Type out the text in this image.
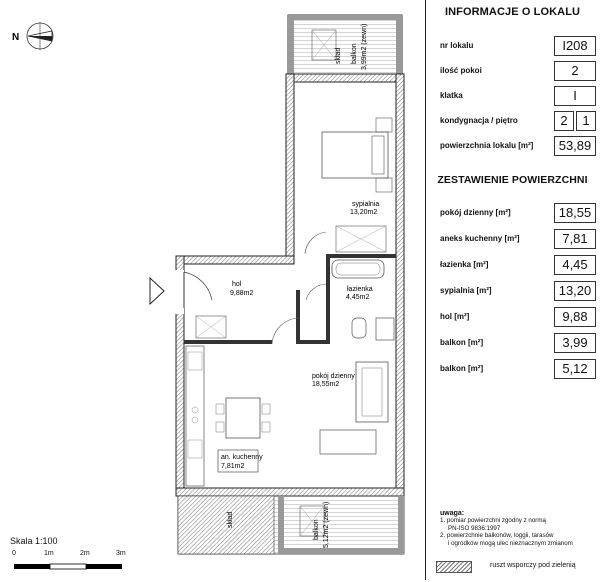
N
skład balkon 3,99m2 (zewn)
sypialnia
13,20m2
łazienka
4,45m2
hol
9,88m2
an. kuchenny
7,81m2
pokój dzienny
18,55m2
skład	balkon 5,12m2 (zewn)
Skala 1:100
0	1m	2m	3m
INFORMACJE O LOKALU
nr lokalu	I208
ilość pokoi	2
klatka	I
kondygnacja / piętro	2	1
powierzchnia lokalu [m²]	53,89
ZESTAWIENIE POWIERZCHNI
pokój dzienny [m²]	18,55
aneks kuchenny [m²]	7,81
łazienka [m²]	4,45
sypialnia [m²]	13,20
hol [m²]	9,88
balkon [m²]	3,99
balkon [m²]	5,12
uwaga:
1. pomiar powierzchni zgodny z normą
PN-ISO 9836:1997
2. powierzchnie balkonów, loggii, tarasów
i ogródków mogą ulec nieznacznym zmianom
ruszt wsporczy pod zielenią
